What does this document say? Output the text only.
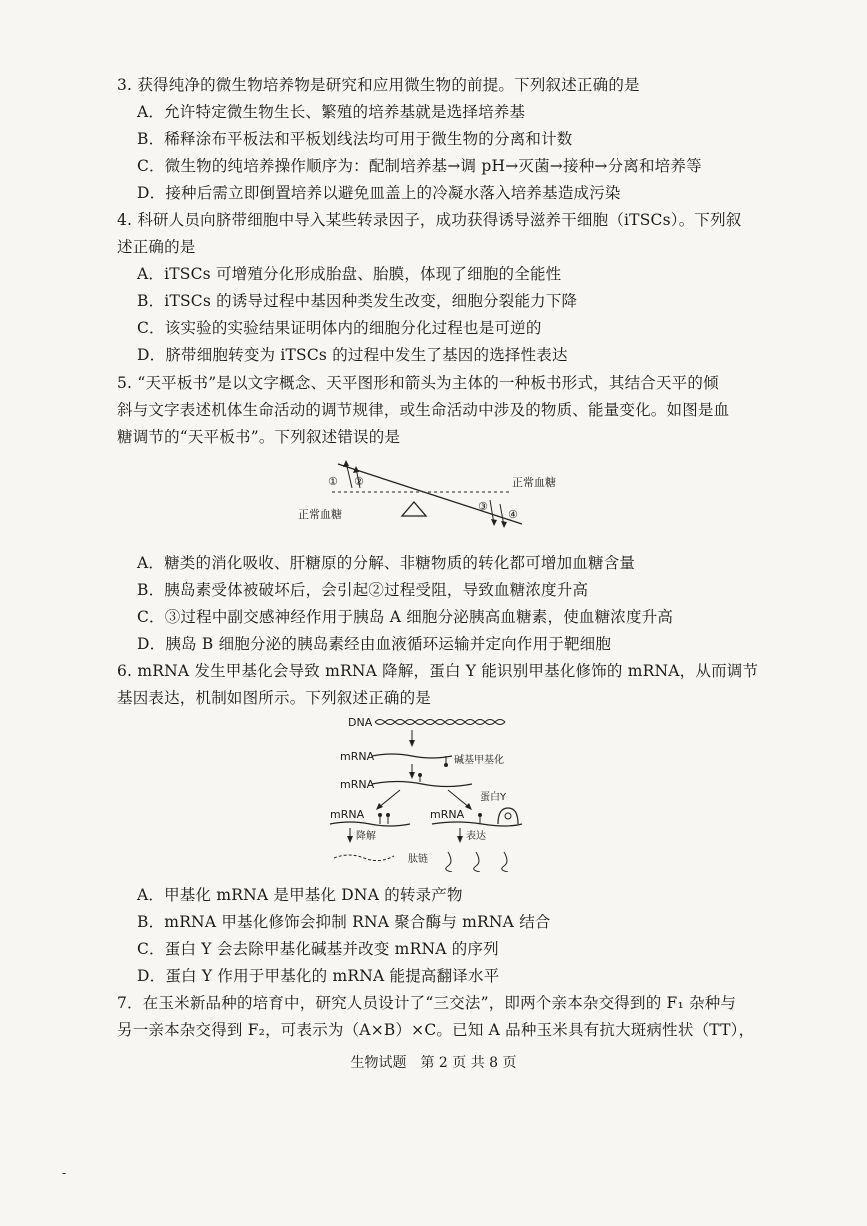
3. 获得纯净的微生物培养物是研究和应用微生物的前提。下列叙述正确的是
A．允许特定微生物生长、繁殖的培养基就是选择培养基
B．稀释涂布平板法和平板划线法均可用于微生物的分离和计数
C．微生物的纯培养操作顺序为：配制培养基→调 pH→灭菌→接种→分离和培养等
D．接种后需立即倒置培养以避免皿盖上的冷凝水落入培养基造成污染
4. 科研人员向脐带细胞中导入某些转录因子，成功获得诱导滋养干细胞（iTSCs）。下列叙
述正确的是
A．iTSCs 可增殖分化形成胎盘、胎膜，体现了细胞的全能性
B．iTSCs 的诱导过程中基因种类发生改变，细胞分裂能力下降
C．该实验的实验结果证明体内的细胞分化过程也是可逆的
D．脐带细胞转变为 iTSCs 的过程中发生了基因的选择性表达
5. “天平板书”是以文字概念、天平图形和箭头为主体的一种板书形式，其结合天平的倾
斜与文字表述机体生命活动的调节规律，或生命活动中涉及的物质、能量变化。如图是血
糖调节的“天平板书”。下列叙述错误的是
① ②
③
④
正常血糖
正常血糖
A．糖类的消化吸收、肝糖原的分解、非糖物质的转化都可增加血糖含量
B．胰岛素受体被破坏后，会引起②过程受阻，导致血糖浓度升高
C．③过程中副交感神经作用于胰岛 A 细胞分泌胰高血糖素，使血糖浓度升高
D．胰岛 B 细胞分泌的胰岛素经由血液循环运输并定向作用于靶细胞
6. mRNA 发生甲基化会导致 mRNA 降解，蛋白 Y 能识别甲基化修饰的 mRNA，从而调节
基因表达，机制如图所示。下列叙述正确的是
DNA
mRNA	碱基甲基化
mRNA
mRNA
降解
mRNA
蛋白Y
表达
肽链
A．甲基化 mRNA 是甲基化 DNA 的转录产物
B．mRNA 甲基化修饰会抑制 RNA 聚合酶与 mRNA 结合
C．蛋白 Y 会去除甲基化碱基并改变 mRNA 的序列
D．蛋白 Y 作用于甲基化的 mRNA 能提高翻译水平
7．在玉米新品种的培育中，研究人员设计了“三交法”，即两个亲本杂交得到的 F₁ 杂种与
另一亲本杂交得到 F₂，可表示为（A×B）×C。已知 A 品种玉米具有抗大斑病性状（TT），
生物试题　第 2 页 共 8 页
-
